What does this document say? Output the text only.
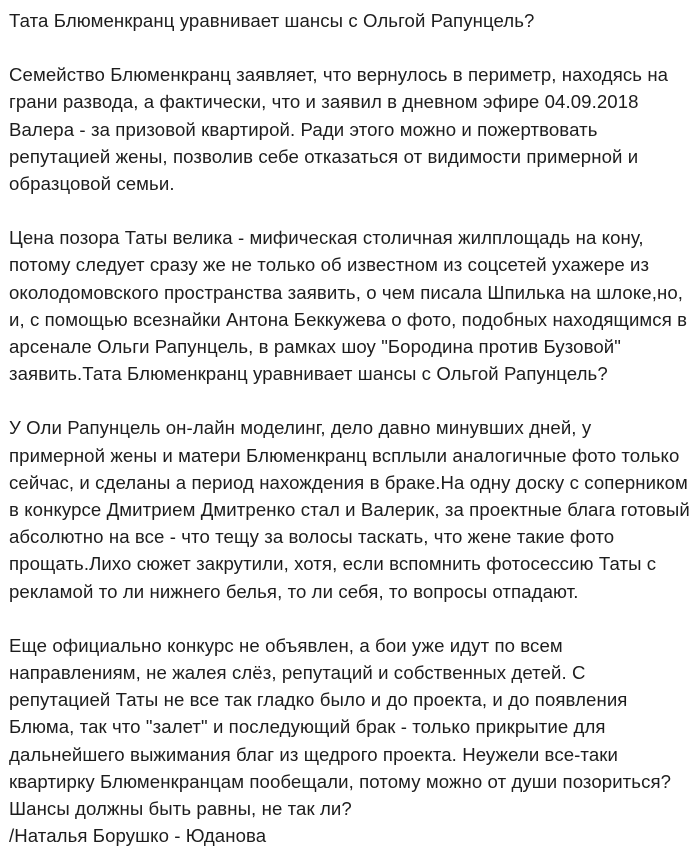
Тата Блюменкранц уравнивает шансы с Ольгой Рапунцель?

Семейство Блюменкранц заявляет, что вернулось в периметр, находясь на грани развода, а фактически, что и заявил в дневном эфире 04.09.2018 Валера - за призовой квартирой. Ради этого можно и пожертвовать репутацией жены, позволив себе отказаться от видимости примерной и образцовой семьи.

Цена позора Таты велика - мифическая столичная жилплощадь на кону, потому следует сразу же не только об известном из соцсетей ухажере из околодомовского пространства заявить, о чем писала Шпилька на шлоке,но, и, с помощью всезнайки Антона Беккужева о фото, подобных находящимся в арсенале Ольги Рапунцель, в рамках шоу "Бородина против Бузовой" заявить.Тата Блюменкранц уравнивает шансы с Ольгой Рапунцель?

У Оли Рапунцель он-лайн моделинг, дело давно минувших дней, у примерной жены и матери Блюменкранц всплыли аналогичные фото только сейчас, и сделаны а период нахождения в браке.На одну доску с соперником в конкурсе Дмитрием Дмитренко стал и Валерик, за проектные блага готовый абсолютно на все - что тещу за волосы таскать, что жене такие фото прощать.Лихо сюжет закрутили, хотя, если вспомнить фотосессию Таты с рекламой то ли нижнего белья, то ли себя, то вопросы отпадают.

Еще официально конкурс не объявлен, а бои уже идут по всем направлениям, не жалея слёз, репутаций и собственных детей. С репутацией Таты не все так гладко было и до проекта, и до появления Блюма, так что "залет" и последующий брак - только прикрытие для дальнейшего выжимания благ из щедрого проекта. Неужели все-таки квартирку Блюменкранцам пообещали, потому можно от души позориться? Шансы должны быть равны, не так ли?

/Наталья Борушко - Юданова
